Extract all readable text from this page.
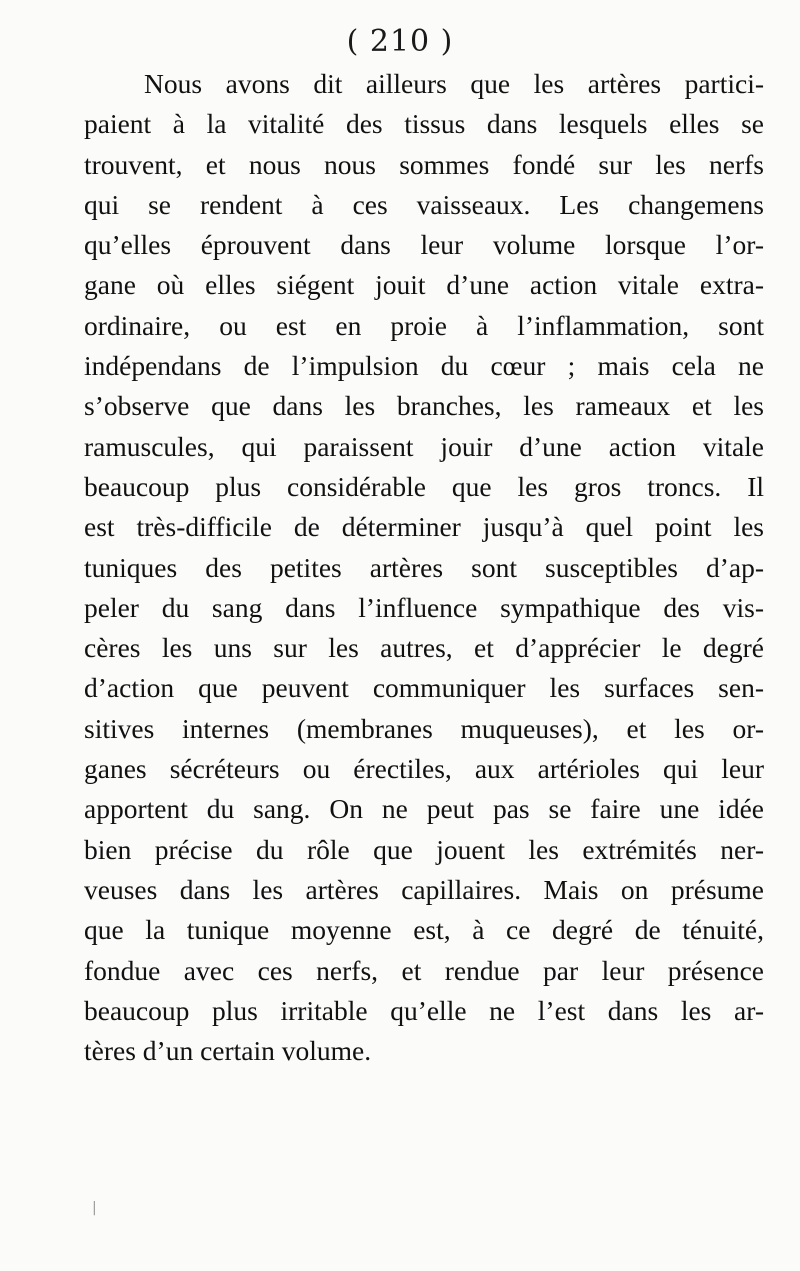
( 210 )
Nous avons dit ailleurs que les artères partici-
paient à la vitalité des tissus dans lesquels elles se
trouvent, et nous nous sommes fondé sur les nerfs
qui se rendent à ces vaisseaux. Les changemens
qu’elles éprouvent dans leur volume lorsque l’or-
gane où elles siégent jouit d’une action vitale extra-
ordinaire, ou est en proie à l’inflammation, sont
indépendans de l’impulsion du cœur ; mais cela ne
s’observe que dans les branches, les rameaux et les
ramuscules, qui paraissent jouir d’une action vitale
beaucoup plus considérable que les gros troncs. Il
est très-difficile de déterminer jusqu’à quel point les
tuniques des petites artères sont susceptibles d’ap-
peler du sang dans l’influence sympathique des vis-
cères les uns sur les autres, et d’apprécier le degré
d’action que peuvent communiquer les surfaces sen-
sitives internes (membranes muqueuses), et les or-
ganes sécréteurs ou érectiles, aux artérioles qui leur
apportent du sang. On ne peut pas se faire une idée
bien précise du rôle que jouent les extrémités ner-
veuses dans les artères capillaires. Mais on présume
que la tunique moyenne est, à ce degré de ténuité,
fondue avec ces nerfs, et rendue par leur présence
beaucoup plus irritable qu’elle ne l’est dans les ar-
tères d’un certain volume.
|
